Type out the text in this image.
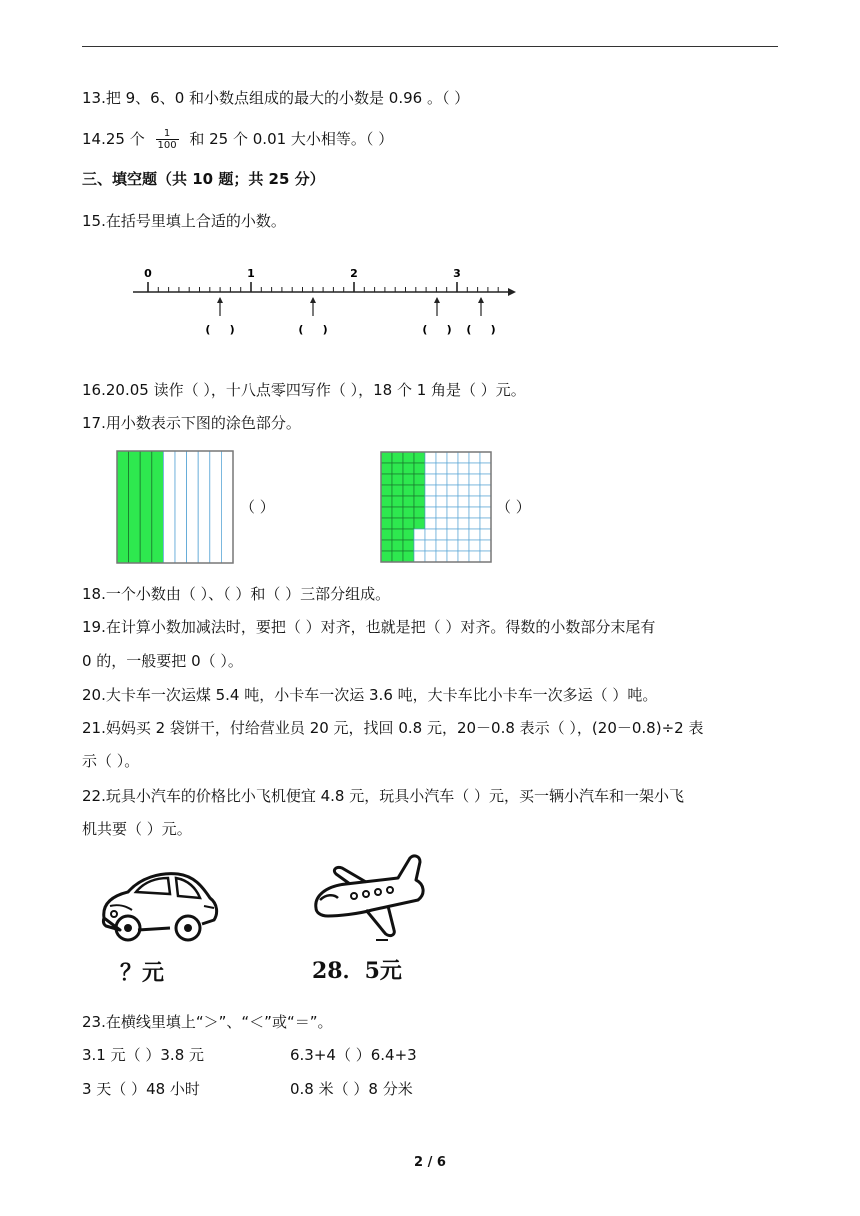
13.把 9、6、0 和小数点组成的最大的小数是 0.96 。（ ）
14.25 个 $\frac{1}{100}$ 和 25 个 0.01 大小相等。（ ）
三、填空题（共 10 题；共 25 分）
15.在括号里填上合适的小数。
0	1	2	3
(     )	(     )	(     ) (     )
16.20.05 读作（ ），十八点零四写作（ ），18 个 1 角是（ ）元。
17.用小数表示下图的涂色部分。
（ ）	（ ）
18.一个小数由（ ）、（ ）和（ ）三部分组成。
19.在计算小数加减法时，要把（ ）对齐，也就是把（ ）对齐。得数的小数部分末尾有
0 的，一般要把 0（ ）。
20.大卡车一次运煤 5.4 吨，小卡车一次运 3.6 吨，大卡车比小卡车一次多运（ ）吨。
21.妈妈买 2 袋饼干，付给营业员 20 元，找回 0.8 元，20－0.8 表示（ ），(20－0.8)÷2 表
示（ ）。
22.玩具小汽车的价格比小飞机便宜 4.8 元，玩具小汽车（ ）元，买一辆小汽车和一架小飞
机共要（ ）元。
？元	28．5元
23.在横线里填上“＞”、“＜”或“＝”。
3.1 元（ ）3.8 元	6.3+4（ ）6.4+3
3 天（ ）48 小时	0.8 米（ ）8 分米
2 / 6
